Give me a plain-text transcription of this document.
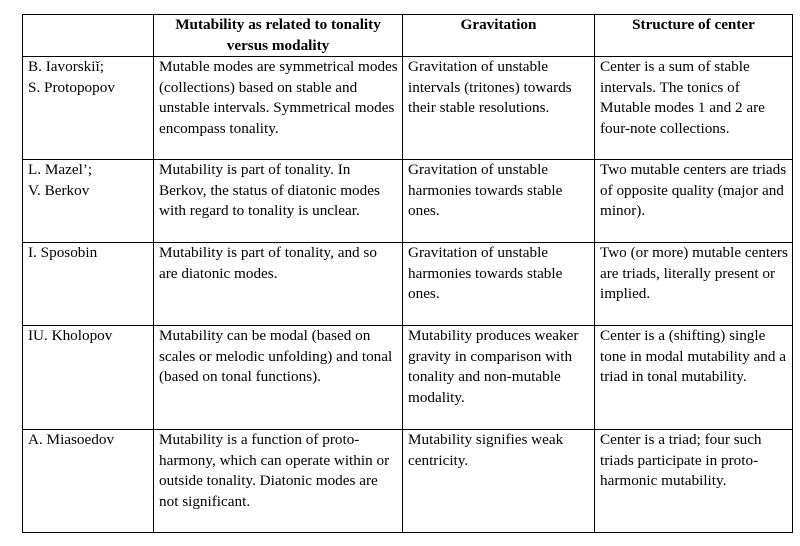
	Mutability as related to tonality versus modality	Gravitation	Structure of center

B. Iavorskiĭ;
S. Protopopov	Mutable modes are symmetrical modes (collections) based on stable and unstable intervals. Symmetrical modes encompass tonality.	Gravitation of unstable intervals (tritones) towards their stable resolutions.	Center is a sum of stable intervals. The tonics of Mutable modes 1 and 2 are four-note collections.

L. Mazel’;
V. Berkov	Mutability is part of tonality. In Berkov, the status of diatonic modes with regard to tonality is unclear.	Gravitation of unstable harmonies towards stable ones.	Two mutable centers are triads of opposite quality (major and minor).

I. Sposobin	Mutability is part of tonality, and so are diatonic modes.	Gravitation of unstable harmonies towards stable ones.	Two (or more) mutable centers are triads, literally present or implied.

IU. Kholopov	Mutability can be modal (based on scales or melodic unfolding) and tonal (based on tonal functions).	Mutability produces weaker gravity in comparison with tonality and non-mutable modality.	Center is a (shifting) single tone in modal mutability and a triad in tonal mutability.

A. Miasoedov	Mutability is a function of proto-harmony, which can operate within or outside tonality. Diatonic modes are not significant.	Mutability signifies weak centricity.	Center is a triad; four such triads participate in proto-harmonic mutability.
